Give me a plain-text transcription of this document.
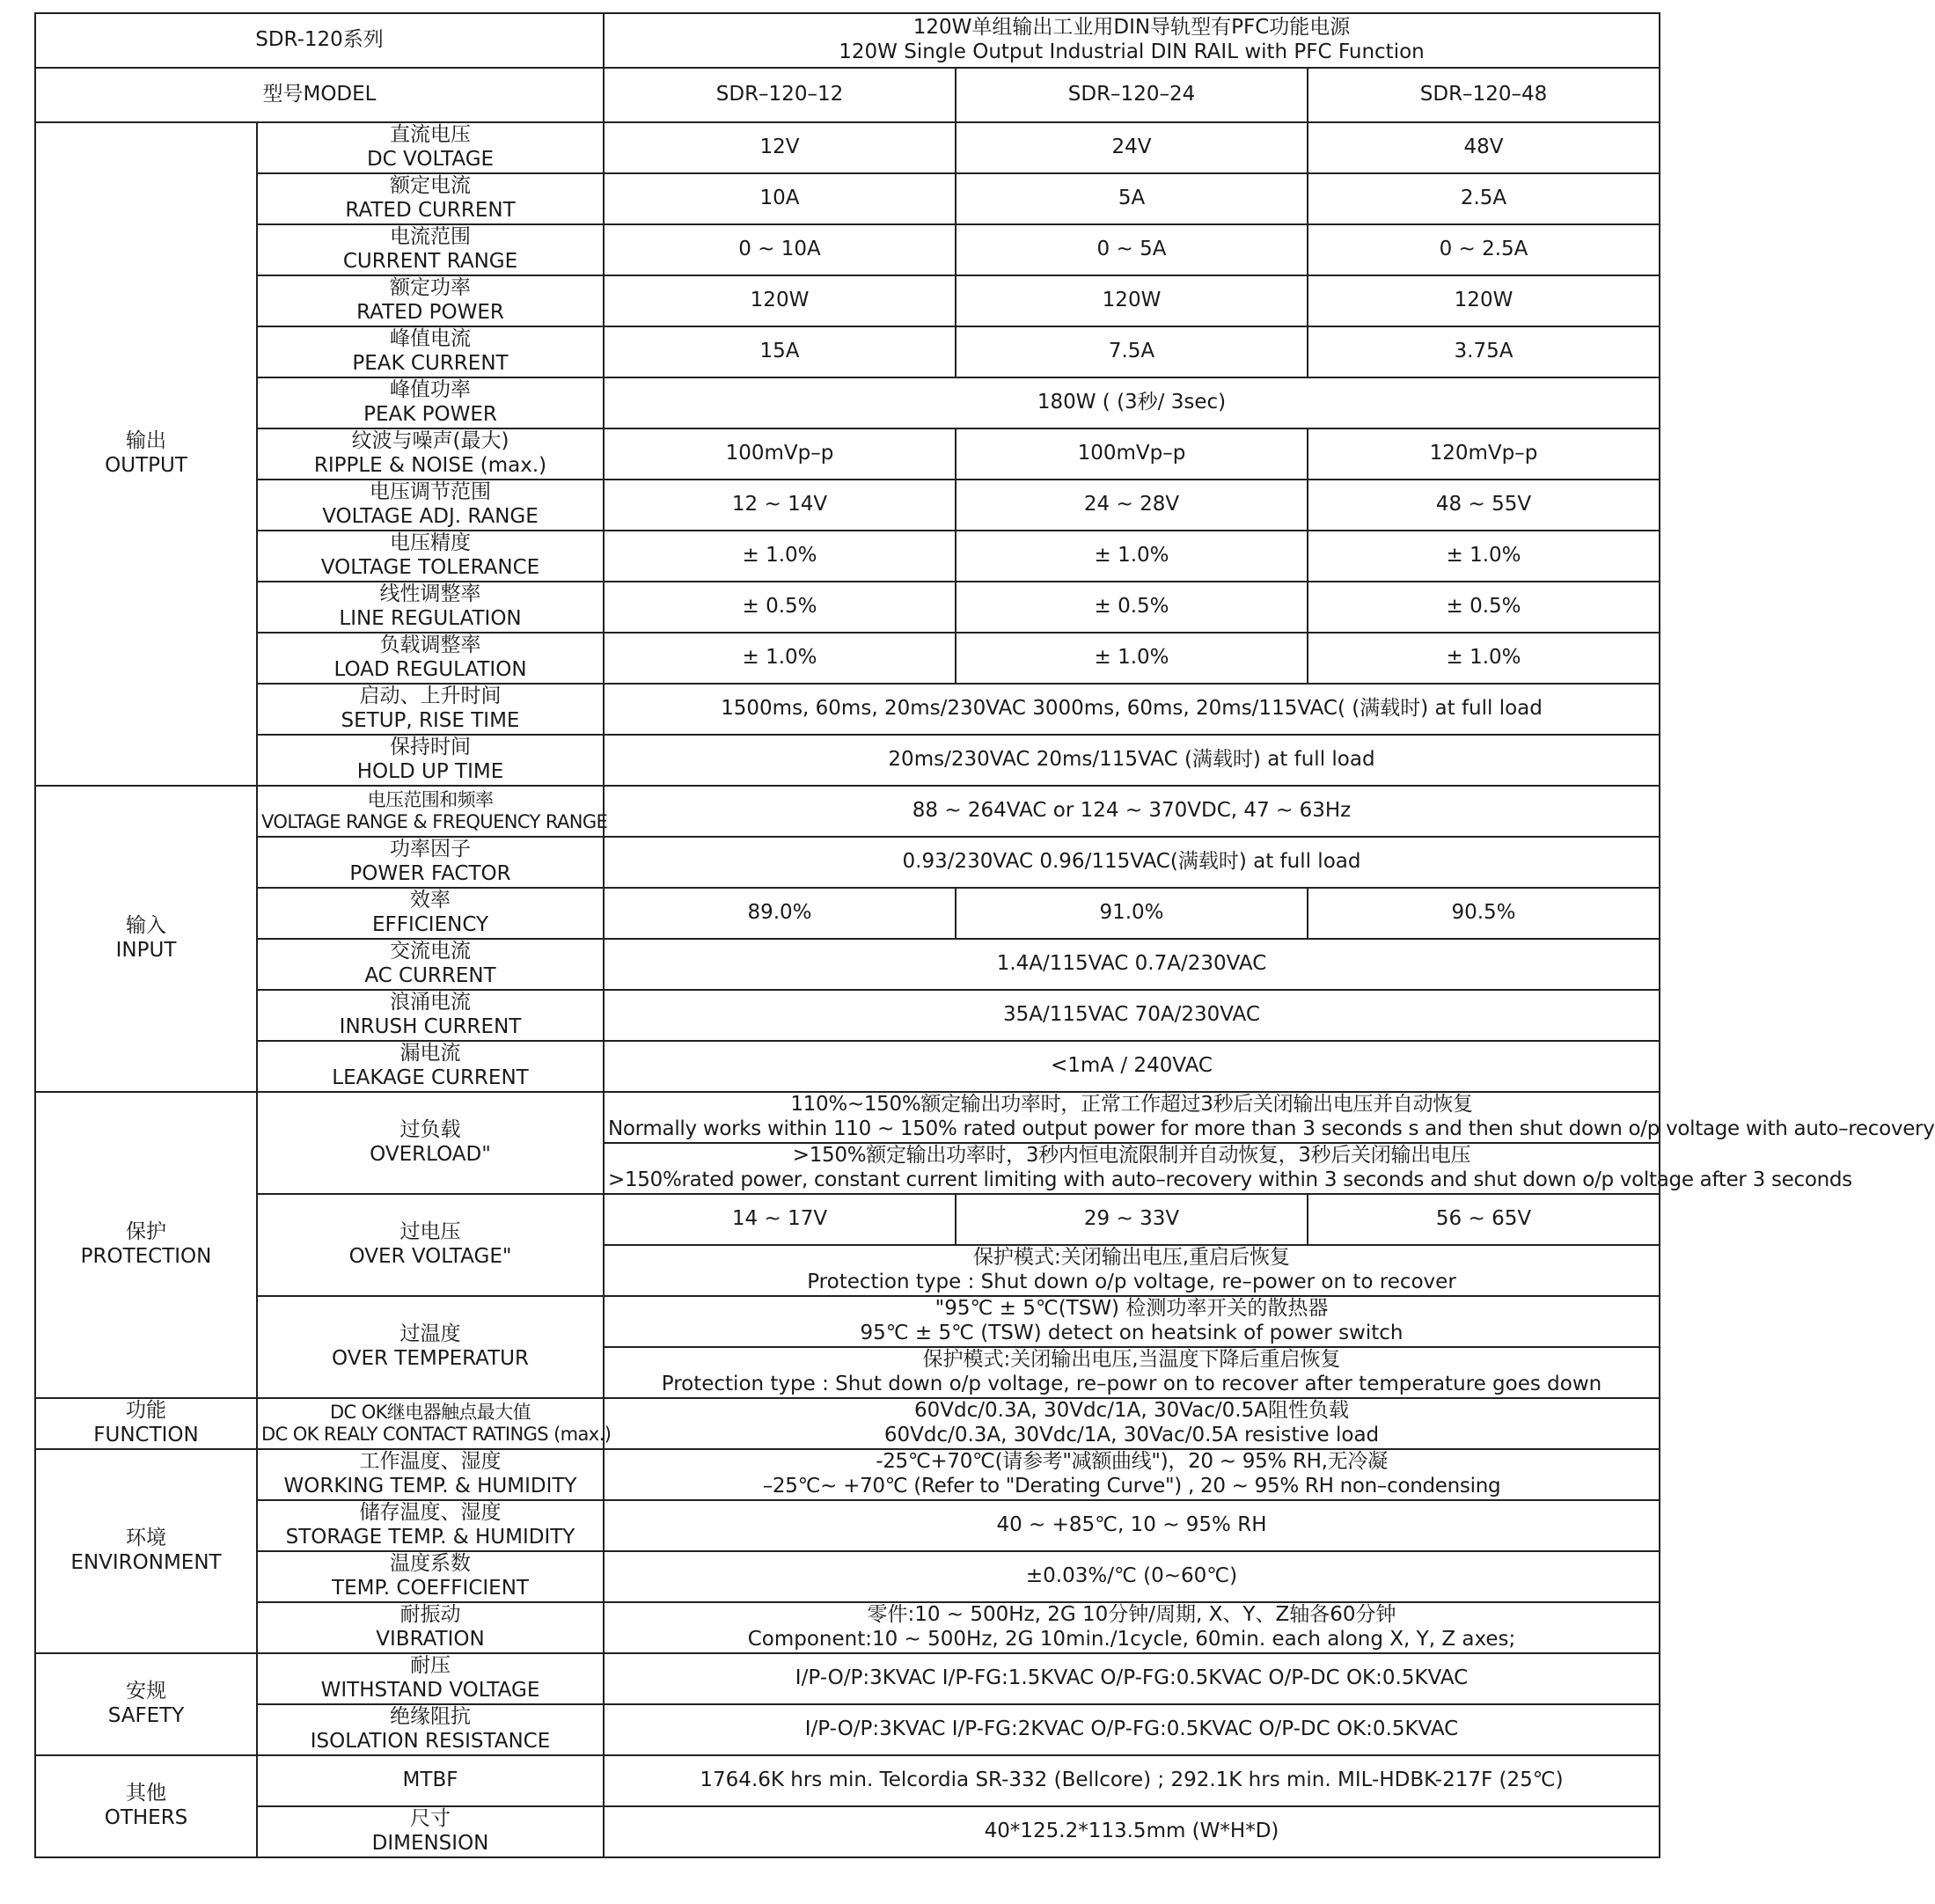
SDR-120系列		120W单组输出工业用DIN导轨型有PFC功能电源
120W Single Output Industrial DIN RAIL with PFC Function		

型号MODEL		SDR–120–12	SDR–120–24	SDR–120–48

输出
OUTPUT	直流电压
DC VOLTAGE	12V	24V	48V

	额定电流
RATED CURRENT	10A	5A	2.5A

	电流范围
CURRENT RANGE	0 ~ 10A	0 ~ 5A	0 ~ 2.5A

	额定功率
RATED POWER	120W	120W	120W

	峰值电流
PEAK CURRENT	15A	7.5A	3.75A

	峰值功率
PEAK POWER	180W ( (3秒/ 3sec)		

	纹波与噪声(最大)
RIPPLE & NOISE (max.)	100mVp–p	100mVp–p	120mVp–p

	电压调节范围
VOLTAGE ADJ. RANGE	12 ~ 14V	24 ~ 28V	48 ~ 55V

	电压精度
VOLTAGE TOLERANCE	± 1.0%	± 1.0%	± 1.0%

	线性调整率
LINE REGULATION	± 0.5%	± 0.5%	± 0.5%

	负载调整率
LOAD REGULATION	± 1.0%	± 1.0%	± 1.0%

	启动、上升时间
SETUP, RISE TIME	1500ms, 60ms, 20ms/230VAC 3000ms, 60ms, 20ms/115VAC( (满载时) at full load		

	保持时间
HOLD UP TIME	20ms/230VAC 20ms/115VAC (满载时) at full load		

输入
INPUT	电压范围和频率
VOLTAGE RANGE & FREQUENCY RANGE	88 ~ 264VAC or 124 ~ 370VDC, 47 ~ 63Hz		

	功率因子
POWER FACTOR	0.93/230VAC 0.96/115VAC(满载时) at full load		

	效率
EFFICIENCY	89.0%	91.0%	90.5%

	交流电流
AC CURRENT	1.4A/115VAC 0.7A/230VAC		

	浪涌电流
INRUSH CURRENT	35A/115VAC 70A/230VAC		

	漏电流
LEAKAGE CURRENT	<1mA / 240VAC		

保护
PROTECTION	过负载
OVERLOAD"	110%~150%额定输出功率时，正常工作超过3秒后关闭输出电压并自动恢复
Normally works within 110 ~ 150% rated output power for more than 3 seconds s and then shut down o/p voltage with auto–recovery		

		>150%额定输出功率时，3秒内恒电流限制并自动恢复，3秒后关闭输出电压
>150%rated power, constant current limiting with auto–recovery within 3 seconds and shut down o/p voltage after 3 seconds		

	过电压
OVER VOLTAGE"	14 ~ 17V	29 ~ 33V	56 ~ 65V

		保护模式:关闭输出电压,重启后恢复
Protection type : Shut down o/p voltage, re–power on to recover		

	过温度
OVER TEMPERATUR	"95℃ ± 5℃(TSW) 检测功率开关的散热器
95℃ ± 5℃ (TSW) detect on heatsink of power switch		

		保护模式:关闭输出电压,当温度下降后重启恢复
Protection type : Shut down o/p voltage, re–powr on to recover after temperature goes down		

功能
FUNCTION	DC OK继电器触点最大值
DC OK REALY CONTACT RATINGS (max.)	60Vdc/0.3A, 30Vdc/1A, 30Vac/0.5A阻性负载
60Vdc/0.3A, 30Vdc/1A, 30Vac/0.5A resistive load		

环境
ENVIRONMENT	工作温度、湿度
WORKING TEMP. & HUMIDITY	-25℃+70℃(请参考"减额曲线")，20 ~ 95% RH,无冷凝
–25℃~ +70℃ (Refer to "Derating Curve") , 20 ~ 95% RH non–condensing		

	储存温度、湿度
STORAGE TEMP. & HUMIDITY	40 ~ +85℃, 10 ~ 95% RH		

	温度系数
TEMP. COEFFICIENT	±0.03%/℃ (0~60℃)		

	耐振动
VIBRATION	零件:10 ~ 500Hz, 2G 10分钟/周期, X、Y、Z轴各60分钟
Component:10 ~ 500Hz, 2G 10min./1cycle, 60min. each along X, Y, Z axes;		

安规
SAFETY	耐压
WITHSTAND VOLTAGE	I/P-O/P:3KVAC I/P-FG:1.5KVAC O/P-FG:0.5KVAC O/P-DC OK:0.5KVAC		

	绝缘阻抗
ISOLATION RESISTANCE	I/P-O/P:3KVAC I/P-FG:2KVAC O/P-FG:0.5KVAC O/P-DC OK:0.5KVAC		

其他
OTHERS	MTBF	1764.6K hrs min. Telcordia SR-332 (Bellcore) ; 292.1K hrs min. MIL-HDBK-217F (25℃)		

	尺寸
DIMENSION	40*125.2*113.5mm (W*H*D)		
